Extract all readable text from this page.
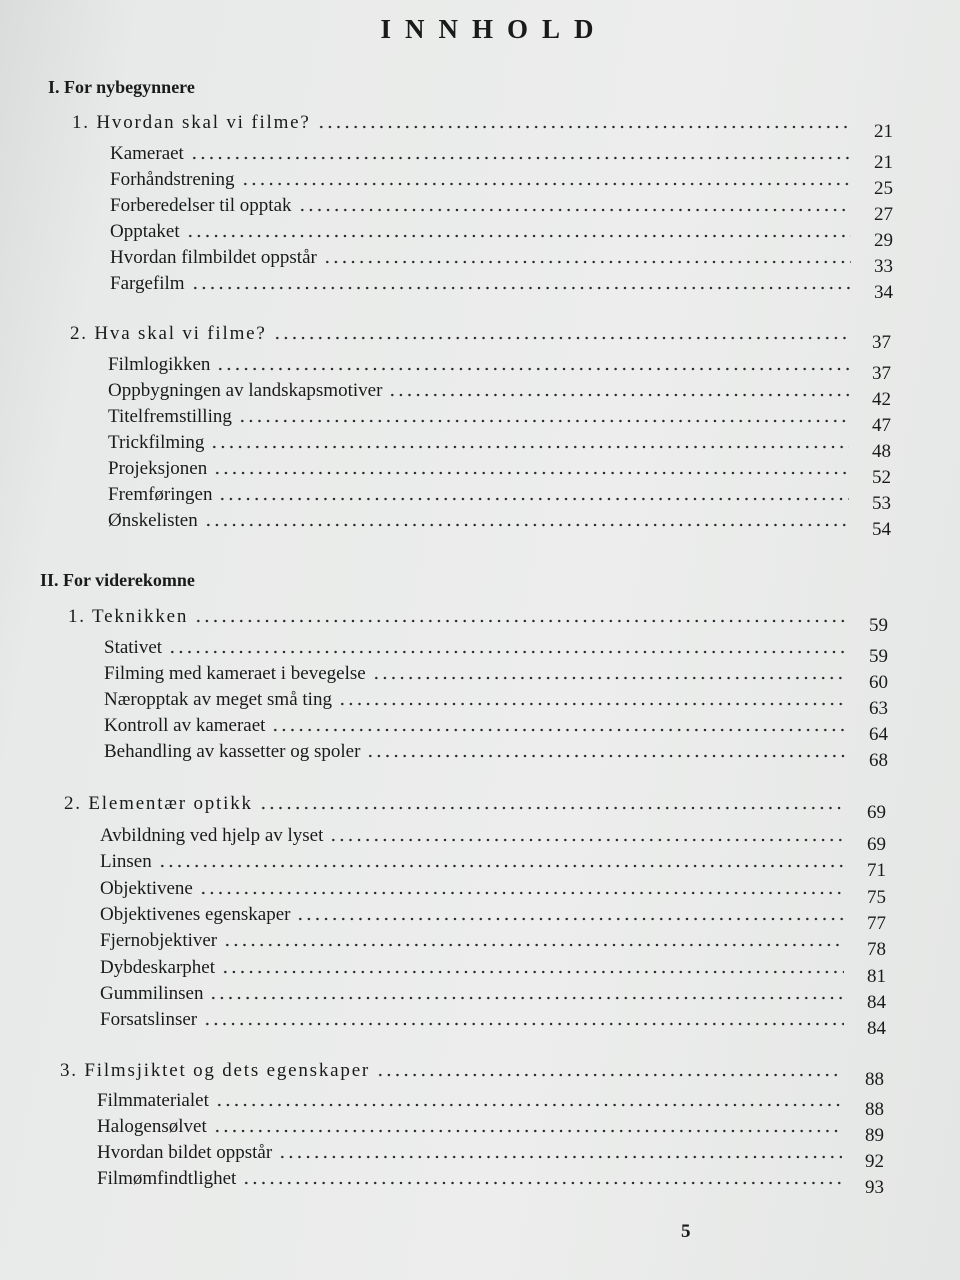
INNHOLD
I. For nybegynnere
1. Hvordan skal vi filme?	21
Kameraet	21
Forhåndstrening	25
Forberedelser til opptak	27
Opptaket	29
Hvordan filmbildet oppstår	33
Fargefilm	34
2. Hva skal vi filme?	37
Filmlogikken	37
Oppbygningen av landskapsmotiver	42
Titelfremstilling	47
Trickfilming	48
Projeksjonen	52
Fremføringen	53
Ønskelisten	54
II. For viderekomne
1. Teknikken	59
Stativet	59
Filming med kameraet i bevegelse	60
Næropptak av meget små ting	63
Kontroll av kameraet	64
Behandling av kassetter og spoler	68
2. Elementær optikk	69
Avbildning ved hjelp av lyset	69
Linsen	71
Objektivene	75
Objektivenes egenskaper	77
Fjernobjektiver	78
Dybdeskarphet	81
Gummilinsen	84
Forsatslinser	84
3. Filmsjiktet og dets egenskaper	88
Filmmaterialet	88
Halogensølvet	89
Hvordan bildet oppstår	92
Filmømfindtlighet	93
5
